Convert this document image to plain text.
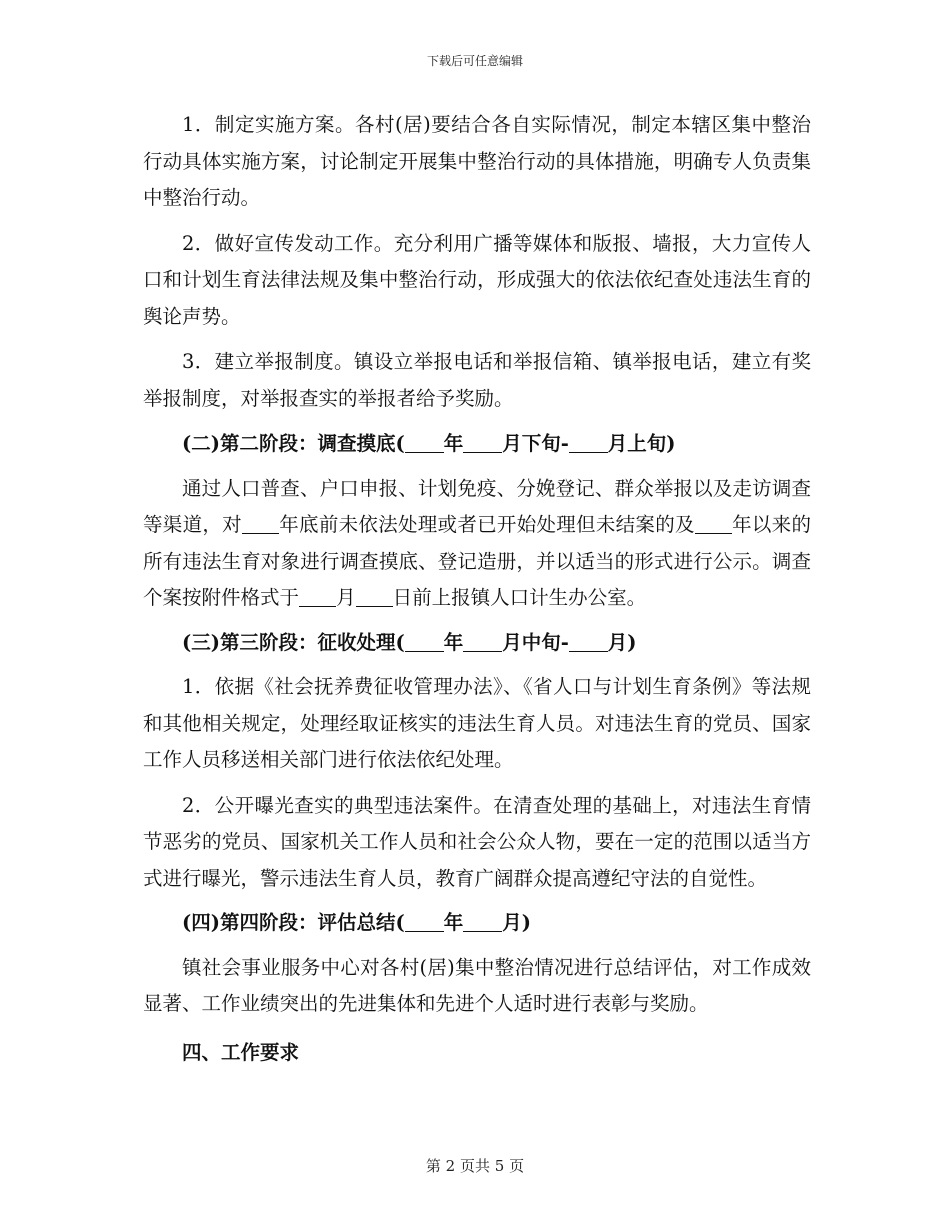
下载后可任意编辑

1．制定实施方案。各村(居)要结合各自实际情况，制定本辖区集中整治行动具体实施方案，讨论制定开展集中整治行动的具体措施，明确专人负责集中整治行动。

2．做好宣传发动工作。充分利用广播等媒体和版报、墙报，大力宣传人口和计划生育法律法规及集中整治行动，形成强大的依法依纪查处违法生育的舆论声势。

3．建立举报制度。镇设立举报电话和举报信箱、镇举报电话，建立有奖举报制度，对举报查实的举报者给予奖励。

(二)第二阶段：调查摸底( 年 月下旬- 月上旬)

通过人口普查、户口申报、计划免疫、分娩登记、群众举报以及走访调查等渠道，对 年底前未依法处理或者已开始处理但未结案的及 年以来的所有违法生育对象进行调查摸底、登记造册，并以适当的形式进行公示。调查个案按附件格式于 月 日前上报镇人口计生办公室。

(三)第三阶段：征收处理( 年 月中旬- 月)

1．依据《社会抚养费征收管理办法》、《省人口与计划生育条例》等法规和其他相关规定，处理经取证核实的违法生育人员。对违法生育的党员、国家工作人员移送相关部门进行依法依纪处理。

2．公开曝光查实的典型违法案件。在清查处理的基础上，对违法生育情节恶劣的党员、国家机关工作人员和社会公众人物，要在一定的范围以适当方式进行曝光，警示违法生育人员，教育广阔群众提高遵纪守法的自觉性。

(四)第四阶段：评估总结( 年 月)

镇社会事业服务中心对各村(居)集中整治情况进行总结评估，对工作成效显著、工作业绩突出的先进集体和先进个人适时进行表彰与奖励。

四、工作要求

第 2 页共 5 页
